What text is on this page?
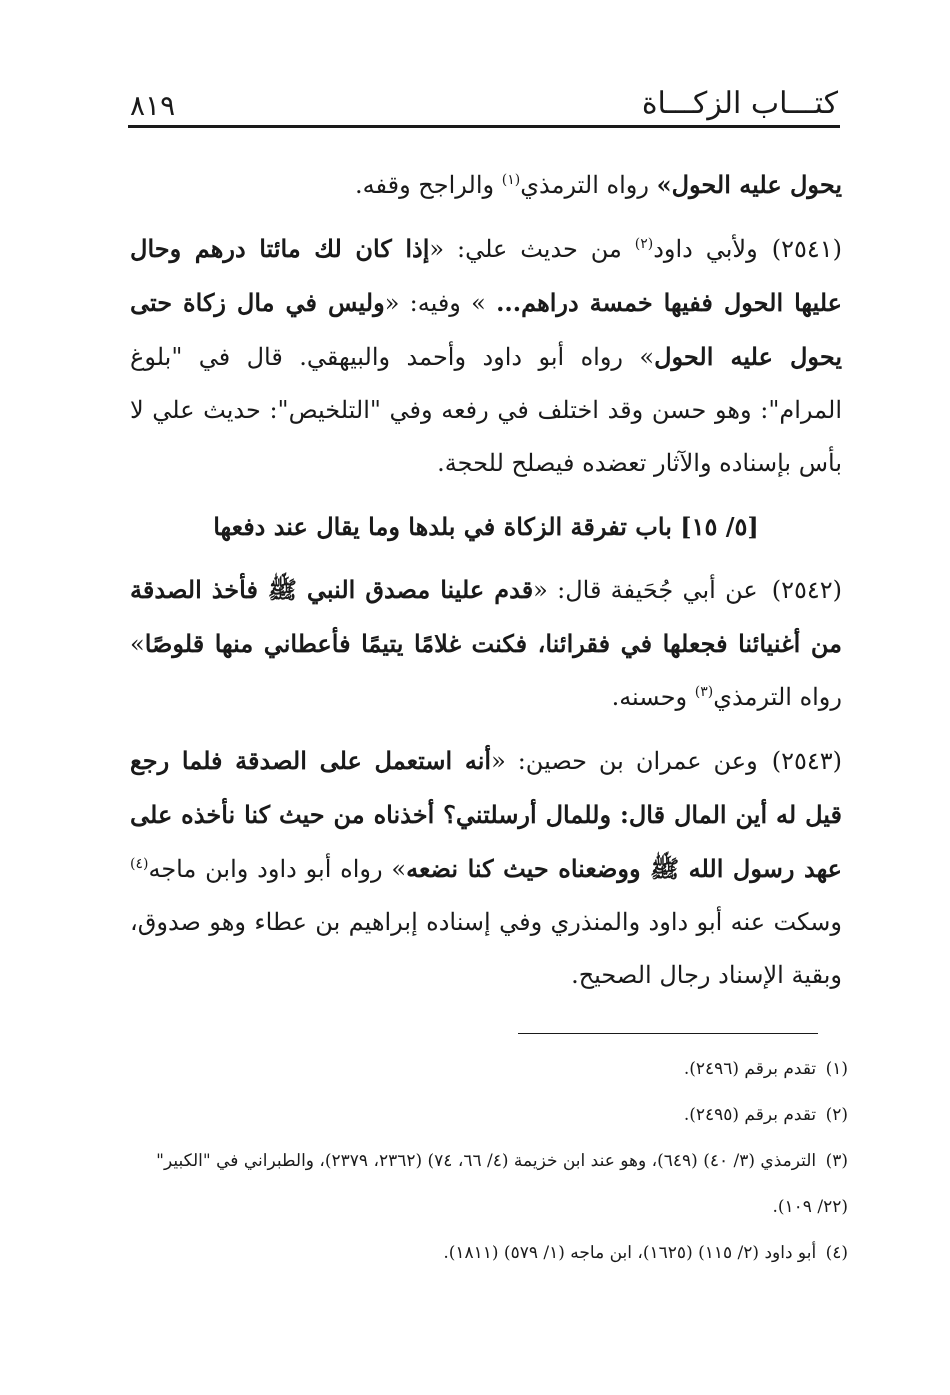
كتـــاب الزكـــاة
٨١٩

يحول عليه الحول» رواه الترمذي$^{(١)}$ والراجح وقفه.

(٢٥٤١)ولأبي داود$^{(٢)}$ من حديث علي: «إذا كان لك مائتا درهم وحال عليها الحول ففيها خمسة دراهم... » وفيه: «وليس في مال زكاة حتى يحول عليه الحول» رواه أبو داود وأحمد والبيهقي. قال في "بلوغ المرام": وهو حسن وقد اختلف في رفعه وفي "التلخيص": حديث علي لا بأس بإسناده والآثار تعضده فيصلح للحجة.

[٥/ ١٥] باب تفرقة الزكاة في بلدها وما يقال عند دفعها

(٢٥٤٢)عن أبي جُحَيفة قال: «قدم علينا مصدق النبي ﷺ فأخذ الصدقة من أغنيائنا فجعلها في فقرائنا، فكنت غلامًا يتيمًا فأعطاني منها قلوصًا» رواه الترمذي$^{(٣)}$ وحسنه.

(٢٥٤٣)وعن عمران بن حصين: «أنه استعمل على الصدقة فلما رجع قيل له أين المال قال: وللمال أرسلتني؟ أخذناه من حيث كنا نأخذه على عهد رسول الله ﷺ ووضعناه حيث كنا نضعه» رواه أبو داود وابن ماجه$^{(٤)}$ وسكت عنه أبو داود والمنذري وفي إسناده إبراهيم بن عطاء وهو صدوق، وبقية الإسناد رجال الصحيح.

(١) تقدم برقم (٢٤٩٦).

(٢) تقدم برقم (٢٤٩٥).

(٣) الترمذي (٣/ ٤٠) (٦٤٩)، وهو عند ابن خزيمة (٤/ ٦٦، ٧٤) (٢٣٦٢، ٢٣٧٩)، والطبراني في "الكبير" (٢٢/ ١٠٩).

(٤) أبو داود (٢/ ١١٥) (١٦٢٥)، ابن ماجه (١/ ٥٧٩) (١٨١١).
